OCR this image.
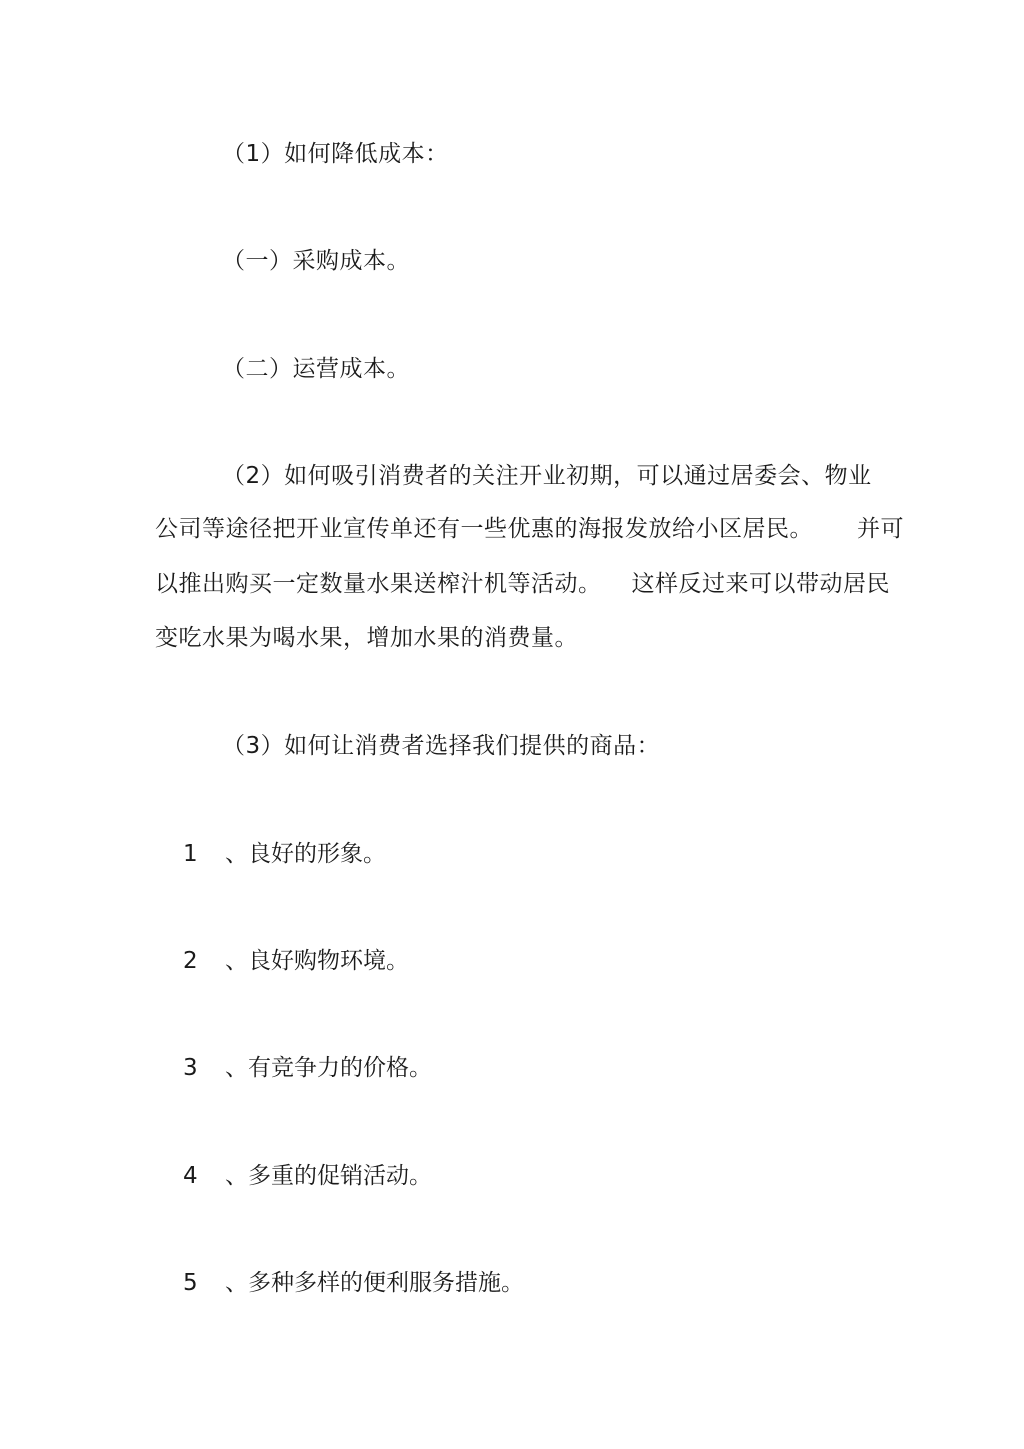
（1）如何降低成本：
（一）采购成本。
（二）运营成本。
（2）如何吸引消费者的关注开业初期，可以通过居委会、物业
公司等途径把开业宣传单还有一些优惠的海报发放给小区居民。 并可
以推出购买一定数量水果送榨汁机等活动。 这样反过来可以带动居民
变吃水果为喝水果，增加水果的消费量。
（3）如何让消费者选择我们提供的商品：
1 、良好的形象。
2 、良好购物环境。
3 、有竞争力的价格。
4 、多重的促销活动。
5 、多种多样的便利服务措施。
